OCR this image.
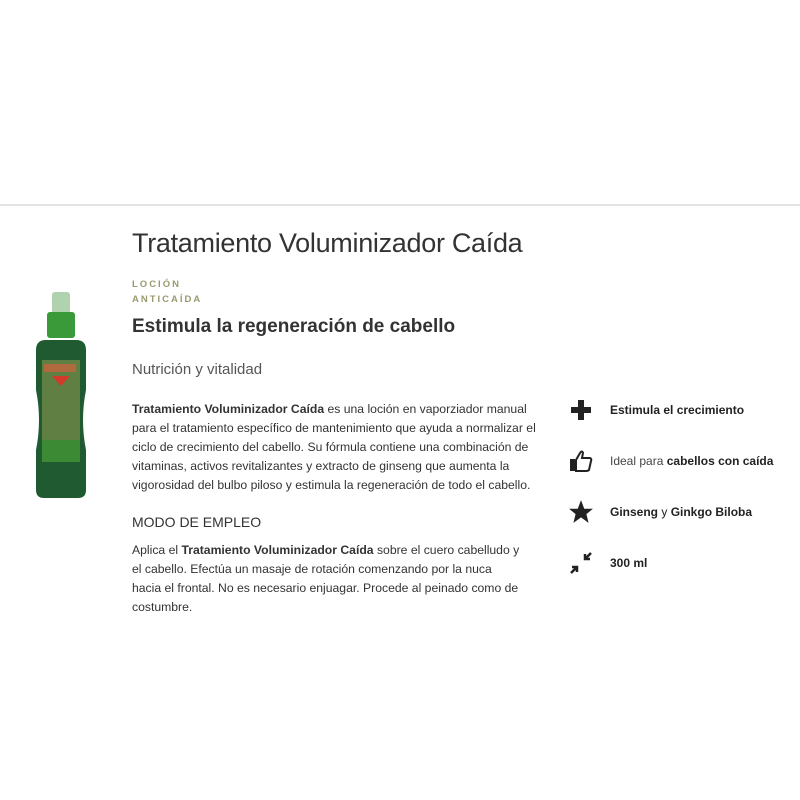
Tratamiento Voluminizador Caída
LOCIÓN
ANTICAÍDA
Estimula la regeneración de cabello
Nutrición y vitalidad
Tratamiento Voluminizador Caída es una loción en vaporziador manual para el tratamiento específico de mantenimiento que ayuda a normalizar el ciclo de crecimiento del cabello. Su fórmula contiene una combinación de vitaminas, activos revitalizantes y extracto de ginseng que aumenta la vigorosidad del bulbo piloso y estimula la regeneración de todo el cabello.
MODO DE EMPLEO
Aplica el Tratamiento Voluminizador Caída sobre el cuero cabelludo y el cabello. Efectúa un masaje de rotación comenzando por la nuca hacia el frontal. No es necesario enjuagar. Procede al peinado como de costumbre.
Estimula el crecimiento
Ideal para
cabellos con caída
Ginseng y Ginkgo Biloba
300 ml
